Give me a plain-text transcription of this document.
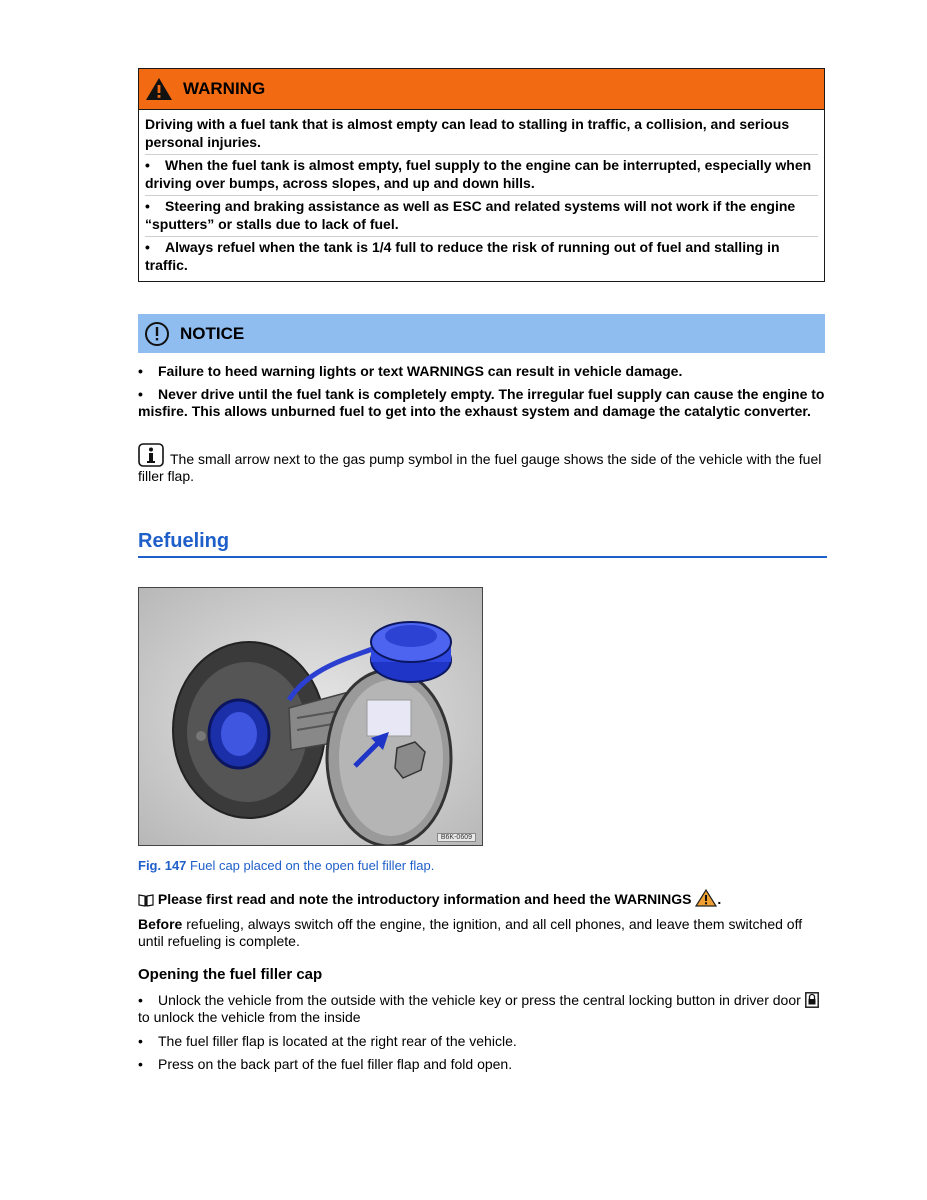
WARNING
Driving with a fuel tank that is almost empty can lead to stalling in traffic, a collision, and serious personal injuries.
• When the fuel tank is almost empty, fuel supply to the engine can be interrupted, especially when driving over bumps, across slopes, and up and down hills.
• Steering and braking assistance as well as ESC and related systems will not work if the engine “sputters” or stalls due to lack of fuel.
• Always refuel when the tank is 1/4 full to reduce the risk of running out of fuel and stalling in traffic.
NOTICE
• Failure to heed warning lights or text WARNINGS can result in vehicle damage.
• Never drive until the fuel tank is completely empty. The irregular fuel supply can cause the engine to misfire. This allows unburned fuel to get into the exhaust system and damage the catalytic converter.
The small arrow next to the gas pump symbol in the fuel gauge shows the side of the vehicle with the fuel filler flap.
Refueling
B6K-0609
Fig. 147 Fuel cap placed on the open fuel filler flap.
Please first read and note the introductory information and heed the WARNINGS .
Before refueling, always switch off the engine, the ignition, and all cell phones, and leave them switched off until refueling is complete.
Opening the fuel filler cap
• Unlock the vehicle from the outside with the vehicle key or press the central locking button in driver door  to unlock the vehicle from the inside
• The fuel filler flap is located at the right rear of the vehicle.
• Press on the back part of the fuel filler flap and fold open.
